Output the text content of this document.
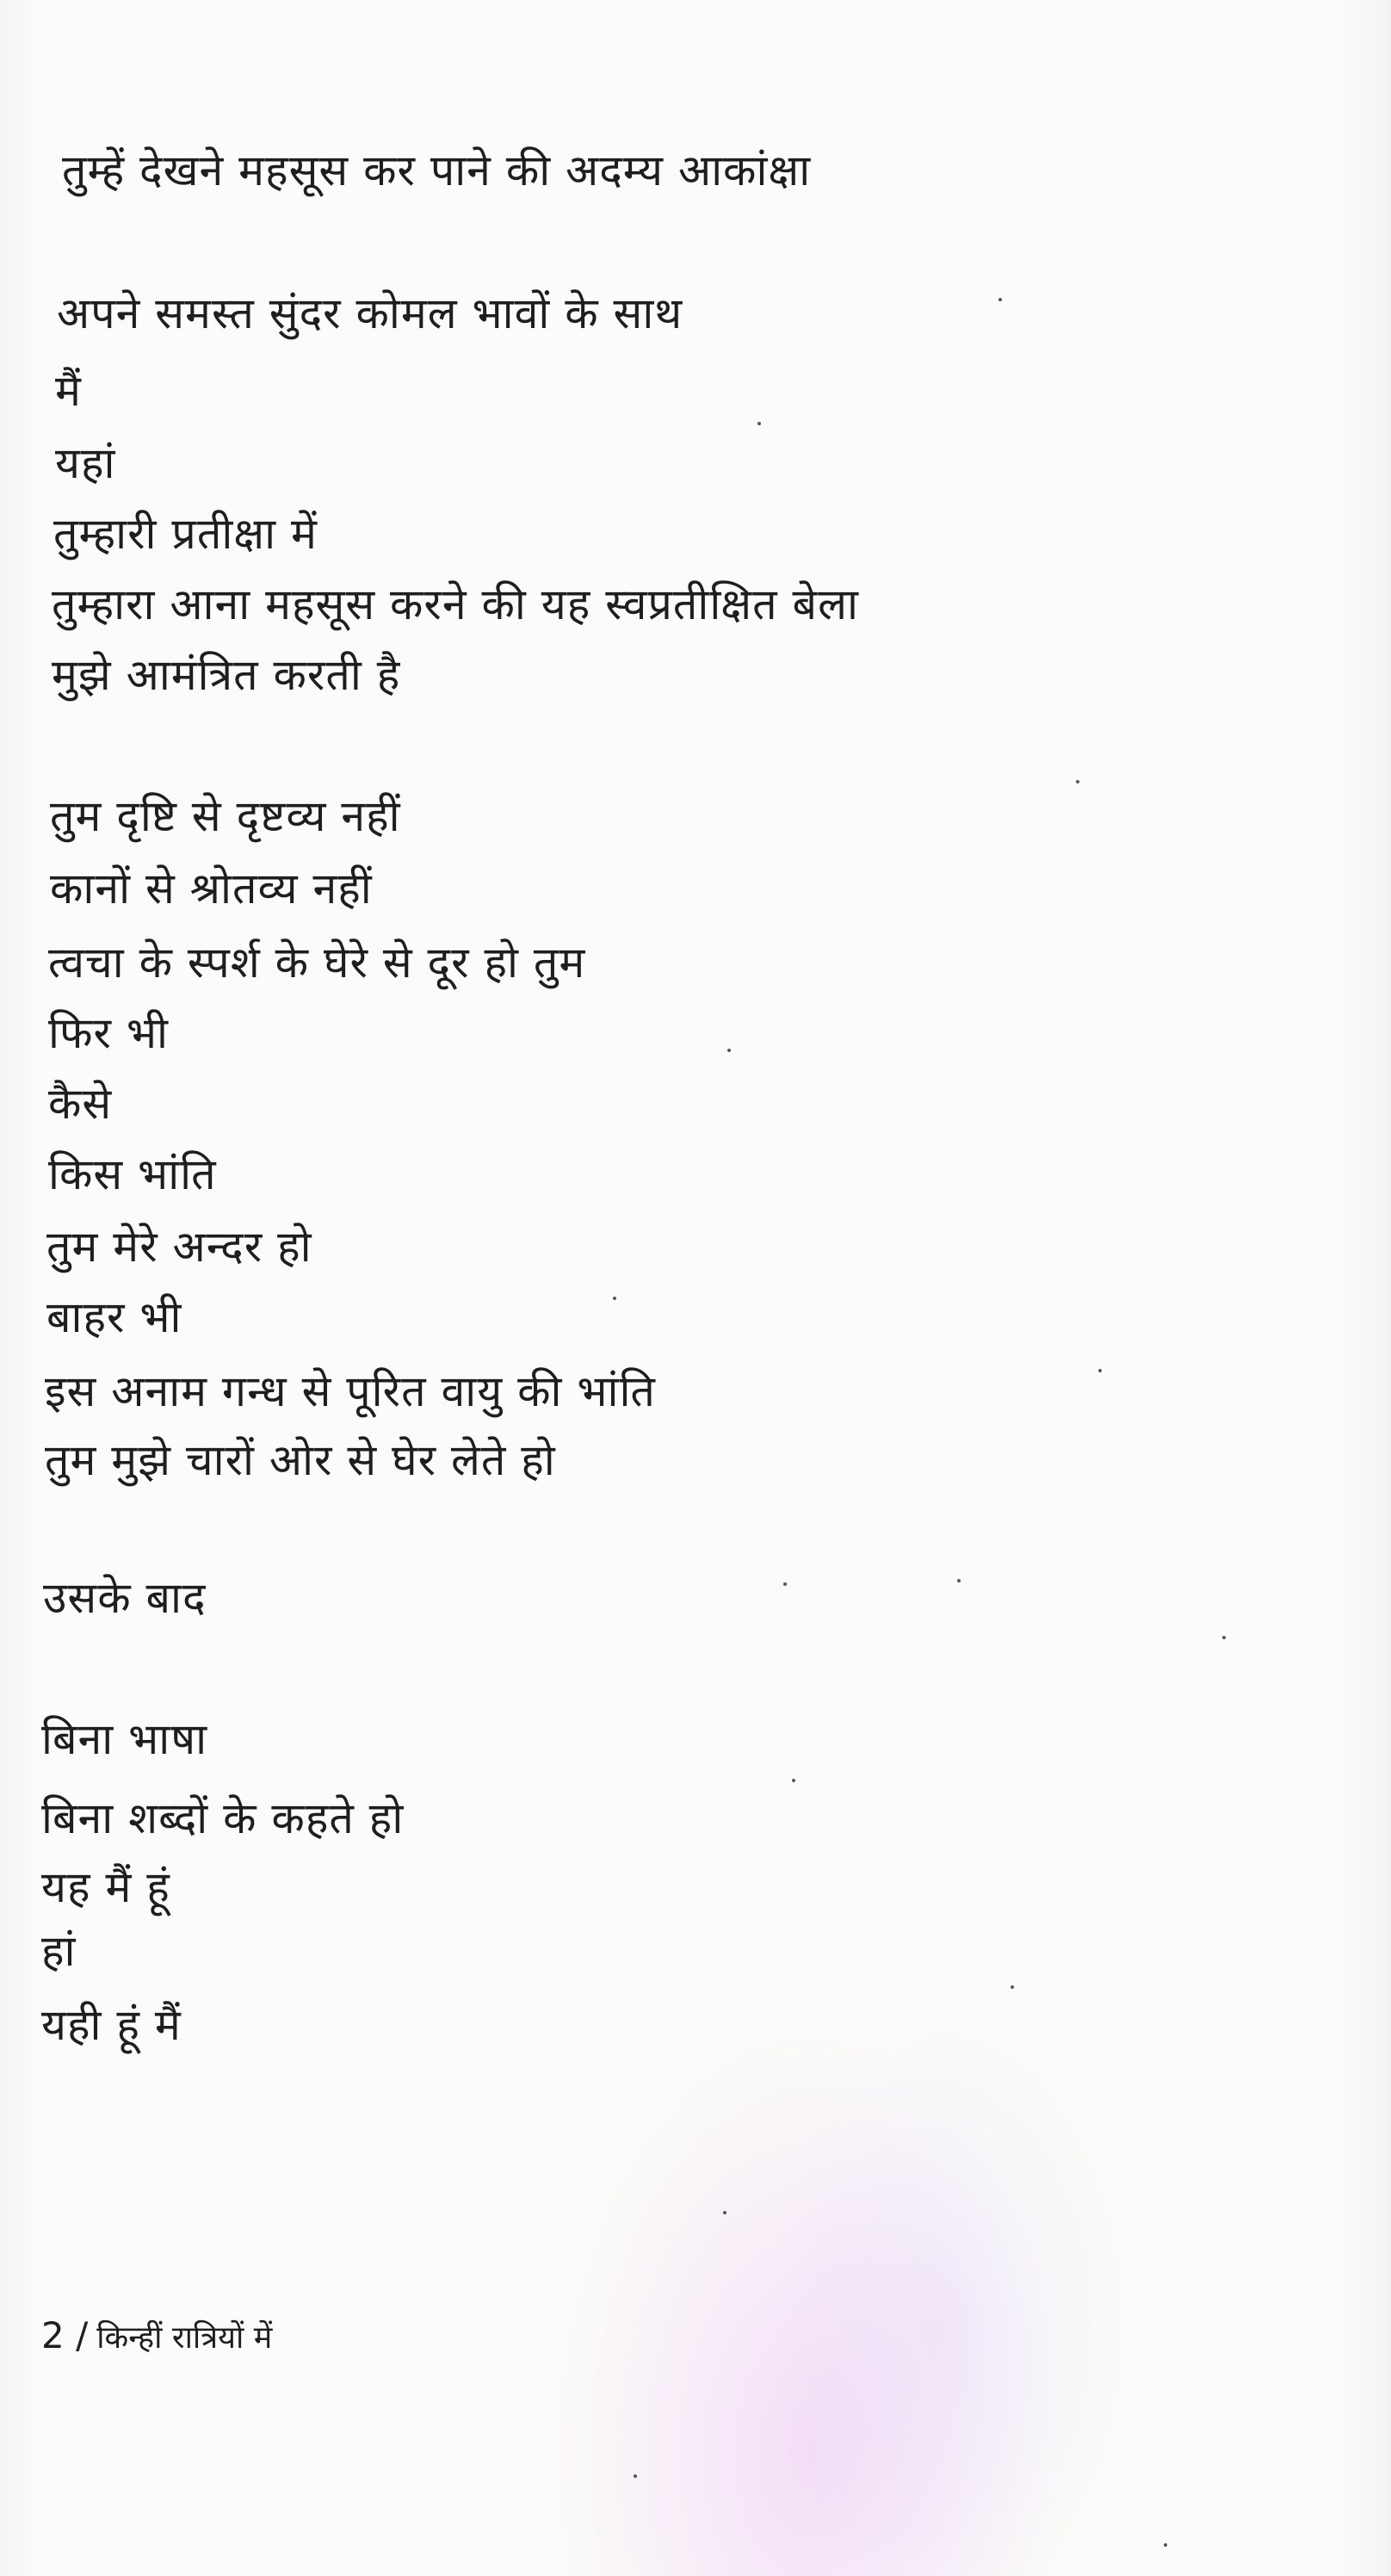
तुम्हें देखने महसूस कर पाने की अदम्य आकांक्षा
अपने समस्त सुंदर कोमल भावों के साथ
मैं
यहां
तुम्हारी प्रतीक्षा में
तुम्हारा आना महसूस करने की यह स्वप्रतीक्षित बेला
मुझे आमंत्रित करती है
तुम दृष्टि से दृष्टव्य नहीं
कानों से श्रोतव्य नहीं
त्वचा के स्पर्श के घेरे से दूर हो तुम
फिर भी
कैसे
किस भांति
तुम मेरे अन्दर हो
बाहर भी
इस अनाम गन्ध से पूरित वायु की भांति
तुम मुझे चारों ओर से घेर लेते हो
उसके बाद
बिना भाषा
बिना शब्दों के कहते हो
यह मैं हूं
हां
यही हूं मैं
2 / किन्हीं रात्रियों में
